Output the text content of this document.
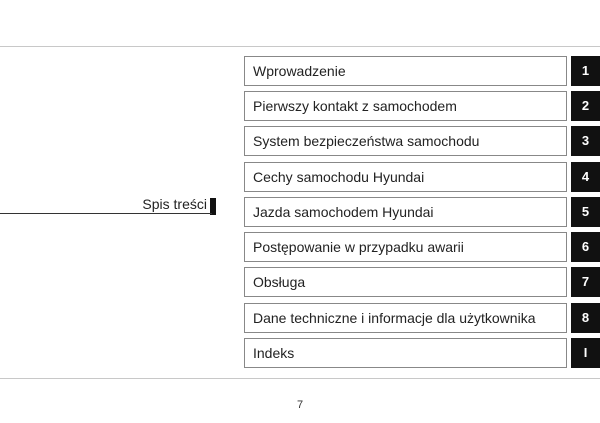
Spis treści
Wprowadzenie	1
Pierwszy kontakt z samochodem	2
System bezpieczeństwa samochodu	3
Cechy samochodu Hyundai	4
Jazda samochodem Hyundai	5
Postępowanie w przypadku awarii	6
Obsługa	7
Dane techniczne i informacje dla użytkownika	8
Indeks	I
7
